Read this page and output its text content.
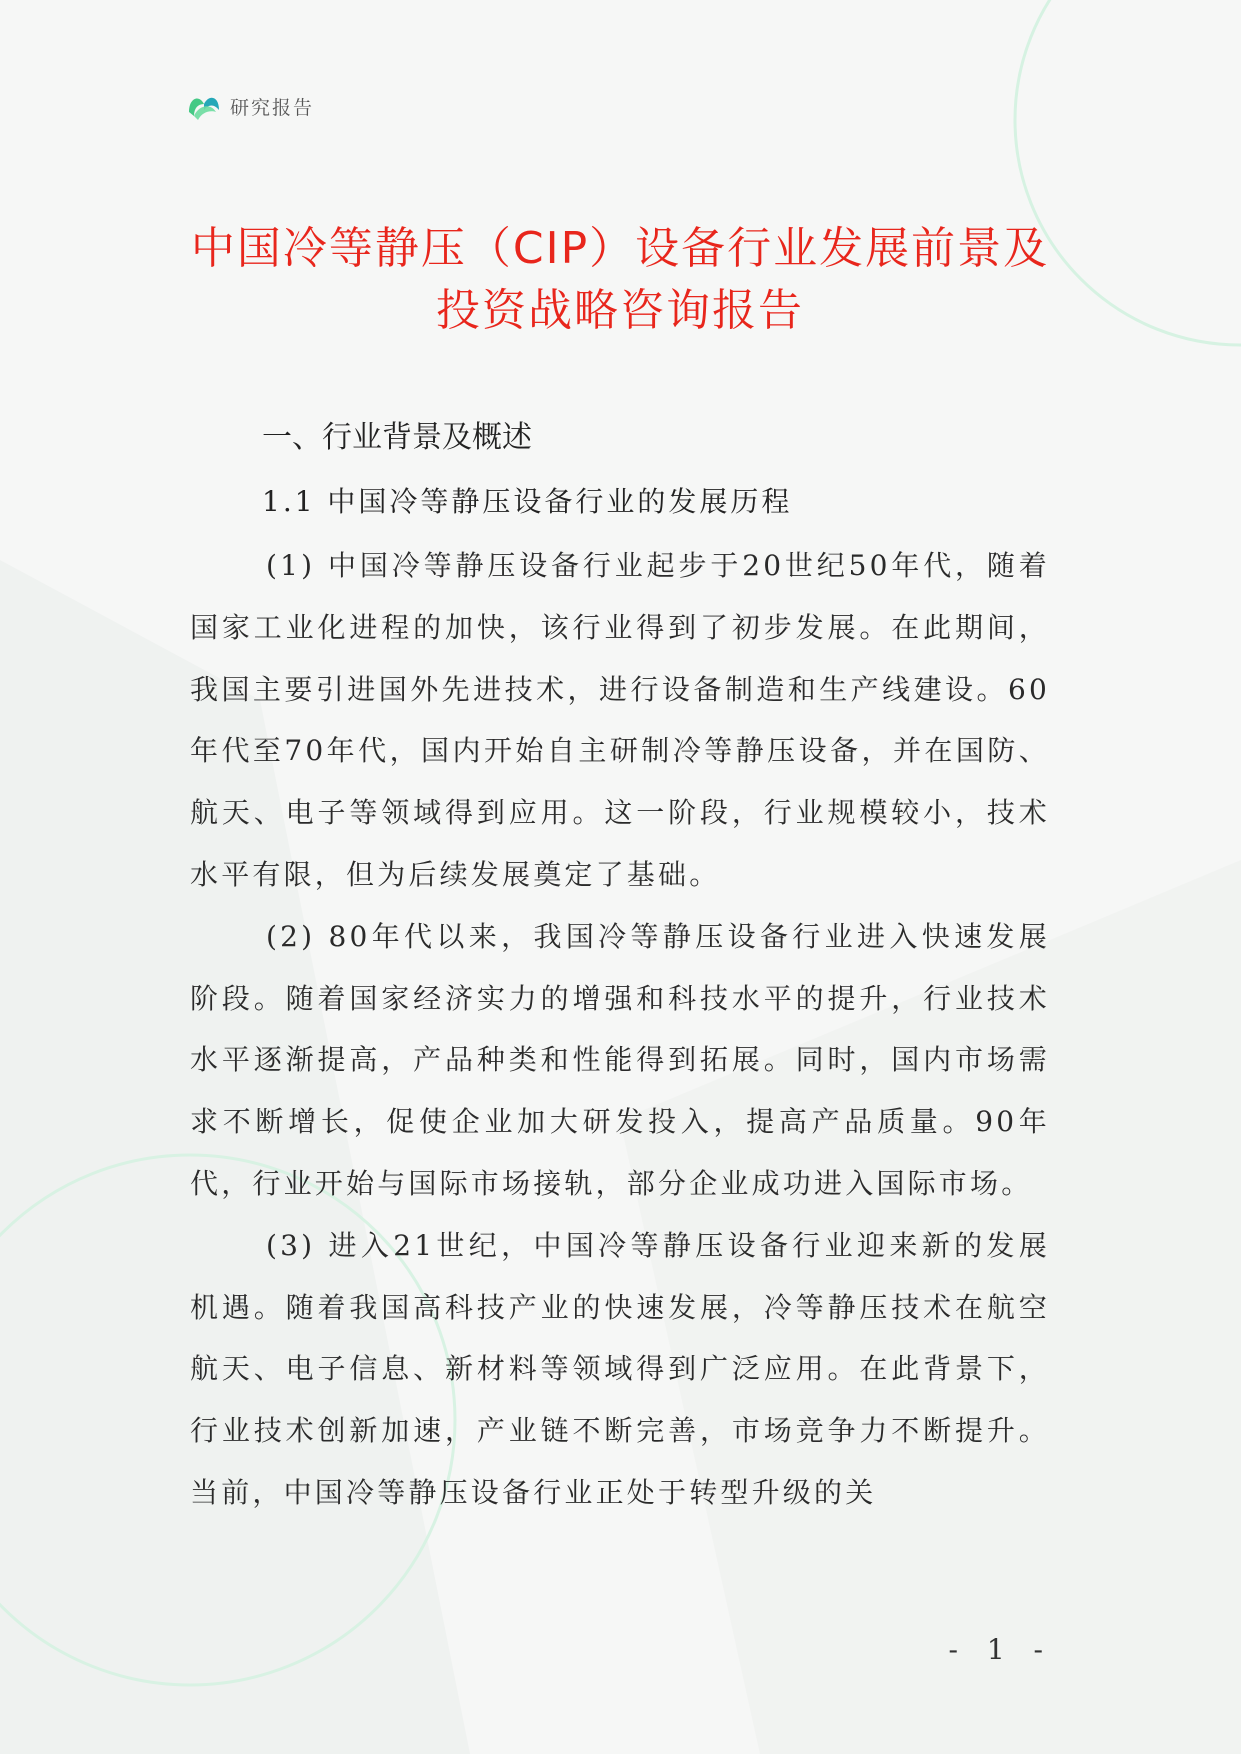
研究报告
中国冷等静压（CIP）设备行业发展前景及
投资战略咨询报告
一、行业背景及概述
1.1 中国冷等静压设备行业的发展历程

(1) 中国冷等静压设备行业起步于20世纪50年代，随着国家工业化进程的加快，该行业得到了初步发展。在此期间，我国主要引进国外先进技术，进行设备制造和生产线建设。60年代至70年代，国内开始自主研制冷等静压设备，并在国防、航天、电子等领域得到应用。这一阶段，行业规模较小，技术水平有限，但为后续发展奠定了基础。

(2) 80年代以来，我国冷等静压设备行业进入快速发展阶段。随着国家经济实力的增强和科技水平的提升，行业技术水平逐渐提高，产品种类和性能得到拓展。同时，国内市场需求不断增长，促使企业加大研发投入，提高产品质量。90年代，行业开始与国际市场接轨，部分企业成功进入国际市场。

(3) 进入21世纪，中国冷等静压设备行业迎来新的发展机遇。随着我国高科技产业的快速发展，冷等静压技术在航空航天、电子信息、新材料等领域得到广泛应用。在此背景下，行业技术创新加速，产业链不断完善，市场竞争力不断提升。当前，中国冷等静压设备行业正处于转型升级的关

- 1 -
